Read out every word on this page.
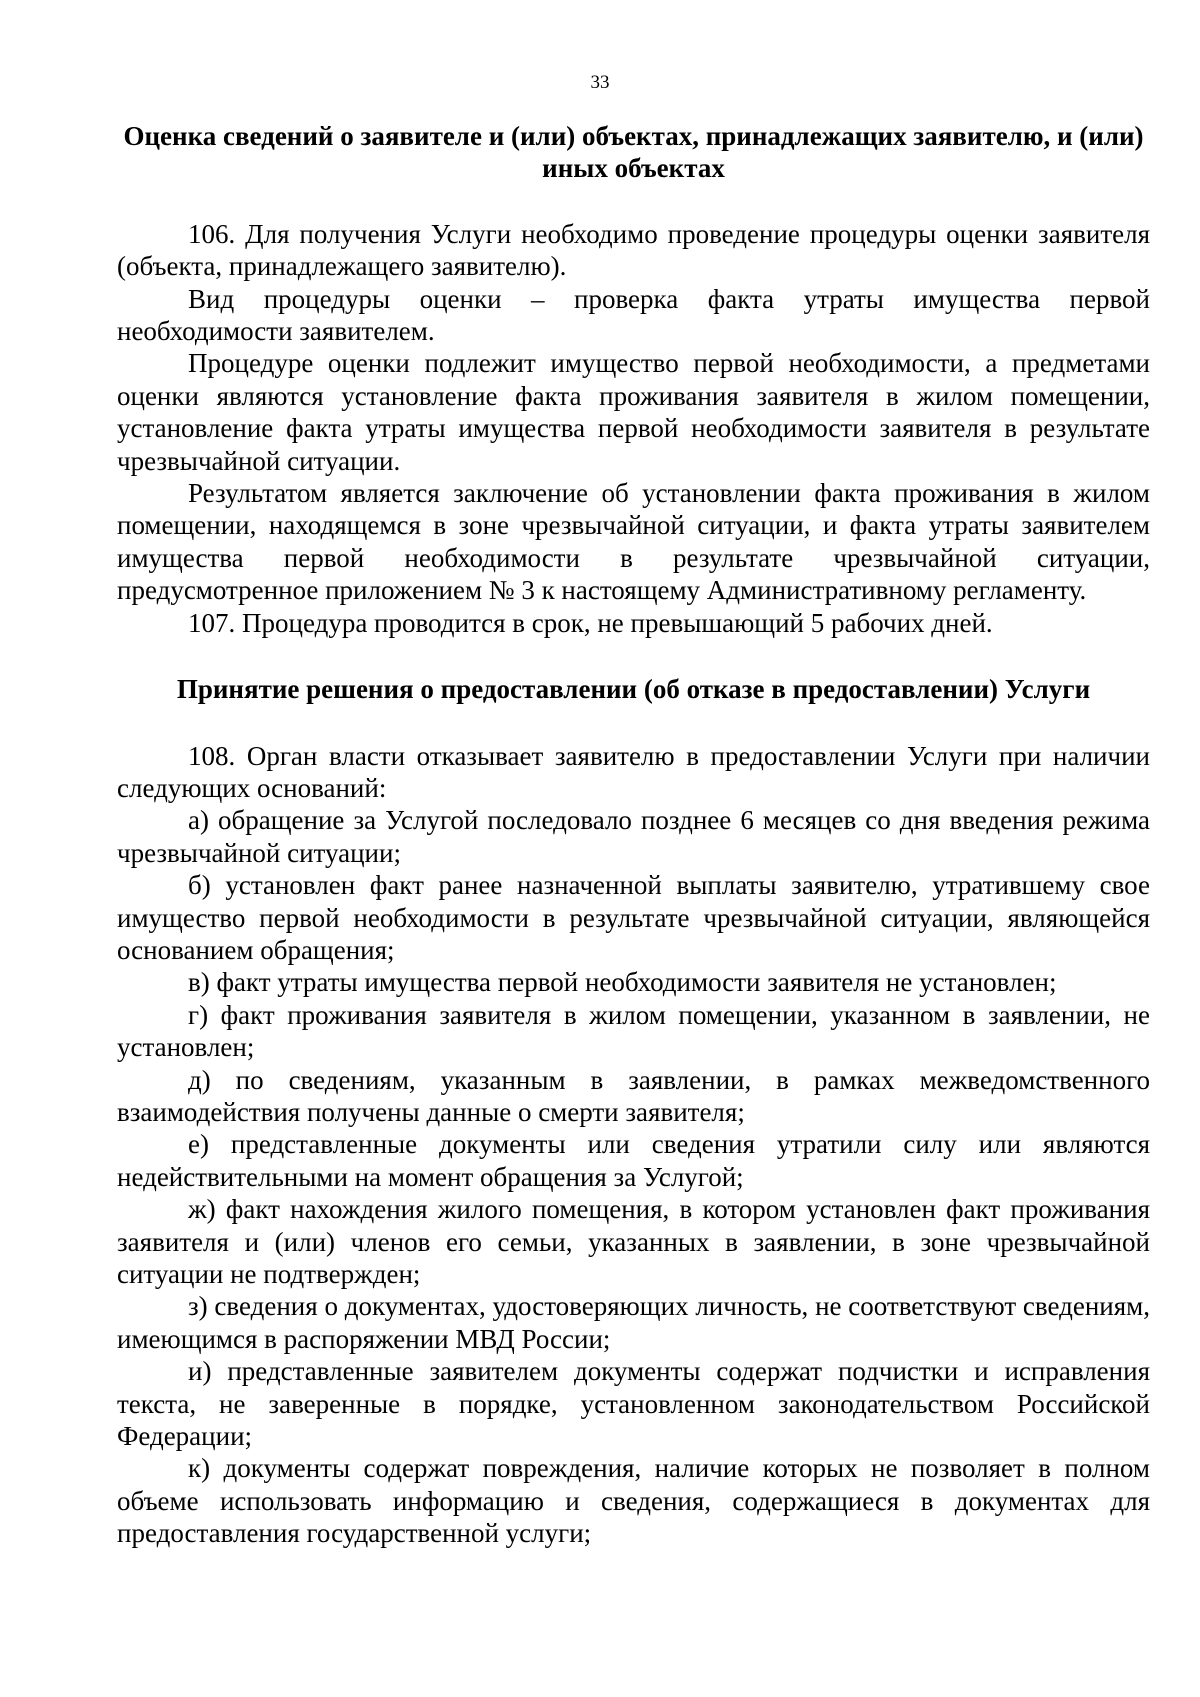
33
Оценка сведений о заявителе и (или) объектах, принадлежащих заявителю, и (или) иных объектах

106. Для получения Услуги необходимо проведение процедуры оценки заявителя (объекта, принадлежащего заявителю).

Вид процедуры оценки – проверка факта утраты имущества первой необходимости заявителем.

Процедуре оценки подлежит имущество первой необходимости, а предметами оценки являются установление факта проживания заявителя в жилом помещении, установление факта утраты имущества первой необходимости заявителя в результате чрезвычайной ситуации.

Результатом является заключение об установлении факта проживания в жилом помещении, находящемся в зоне чрезвычайной ситуации, и факта утраты заявителем имущества первой необходимости в результате чрезвычайной ситуации, предусмотренное приложением № 3 к настоящему Административному регламенту.

107. Процедура проводится в срок, не превышающий 5 рабочих дней.

Принятие решения о предоставлении (об отказе в предоставлении) Услуги

108. Орган власти отказывает заявителю в предоставлении Услуги при наличии следующих оснований:

а) обращение за Услугой последовало позднее 6 месяцев со дня введения режима чрезвычайной ситуации;

б) установлен факт ранее назначенной выплаты заявителю, утратившему свое имущество первой необходимости в результате чрезвычайной ситуации, являющейся основанием обращения;

в) факт утраты имущества первой необходимости заявителя не установлен;

г) факт проживания заявителя в жилом помещении, указанном в заявлении, не установлен;

д) по сведениям, указанным в заявлении, в рамках межведомственного взаимодействия получены данные о смерти заявителя;

е) представленные документы или сведения утратили силу или являются недействительными на момент обращения за Услугой;

ж) факт нахождения жилого помещения, в котором установлен факт проживания заявителя и (или) членов его семьи, указанных в заявлении, в зоне чрезвычайной ситуации не подтвержден;

з) сведения о документах, удостоверяющих личность, не соответствуют сведениям, имеющимся в распоряжении МВД России;

и) представленные заявителем документы содержат подчистки и исправления текста, не заверенные в порядке, установленном законодательством Российской Федерации;

к) документы содержат повреждения, наличие которых не позволяет в полном объеме использовать информацию и сведения, содержащиеся в документах для предоставления государственной услуги;
